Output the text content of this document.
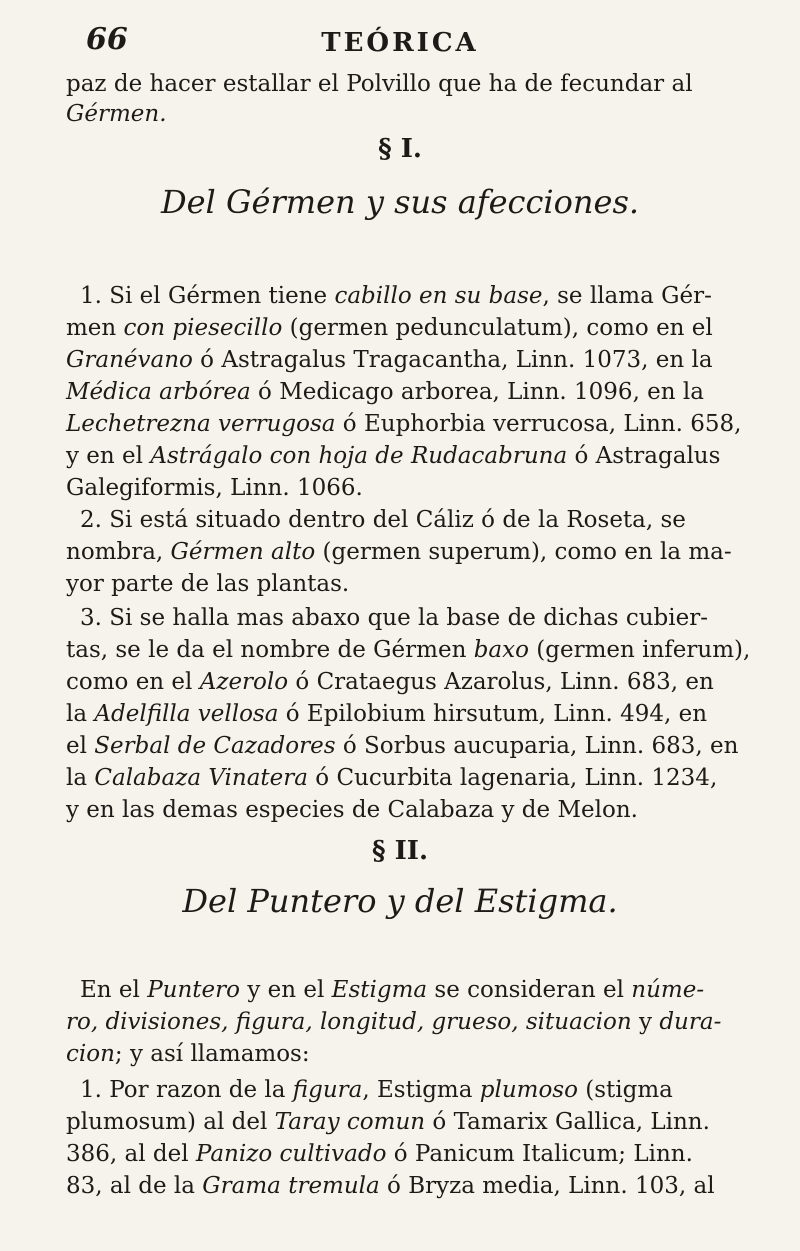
66	TEÓRICA
paz de hacer estallar el Polvillo que ha de fecundar al
Gérmen.
§ I.
Del Gérmen y sus afecciones.
1. Si el Gérmen tiene cabillo en su base, se llama Gér-
men con piesecillo (germen pedunculatum), como en el
Granévano ó Astragalus Tragacantha, Linn. 1073, en la
Médica arbórea ó Medicago arborea, Linn. 1096, en la
Lechetrezna verrugosa ó Euphorbia verrucosa, Linn. 658,
y en el Astrágalo con hoja de Rudacabruna ó Astragalus
Galegiformis, Linn. 1066.
2. Si está situado dentro del Cáliz ó de la Roseta, se
nombra, Gérmen alto (germen superum), como en la ma-
yor parte de las plantas.
3. Si se halla mas abaxo que la base de dichas cubier-
tas, se le da el nombre de Gérmen baxo (germen inferum),
como en el Azerolo ó Crataegus Azarolus, Linn. 683, en
la Adelfilla vellosa ó Epilobium hirsutum, Linn. 494, en
el Serbal de Cazadores ó Sorbus aucuparia, Linn. 683, en
la Calabaza Vinatera ó Cucurbita lagenaria, Linn. 1234,
y en las demas especies de Calabaza y de Melon.
§ II.
Del Puntero y del Estigma.
En el Puntero y en el Estigma se consideran el núme-
ro, divisiones, figura, longitud, grueso, situacion y dura-
cion; y así llamamos:
1. Por razon de la figura, Estigma plumoso (stigma
plumosum) al del Taray comun ó Tamarix Gallica, Linn.
386, al del Panizo cultivado ó Panicum Italicum; Linn.
83, al de la Grama tremula ó Bryza media, Linn. 103, al
